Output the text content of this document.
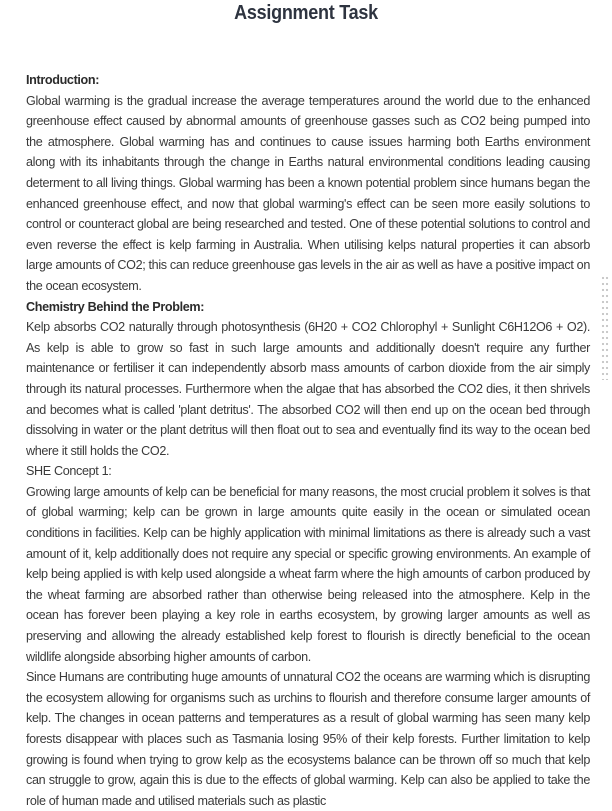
Assignment Task

Introduction:

Global warming is the gradual increase the average temperatures around the world due to the enhanced greenhouse effect caused by abnormal amounts of greenhouse gasses such as CO2 being pumped into the atmosphere. Global warming has and continues to cause issues harming both Earths environment along with its inhabitants through the change in Earths natural environmental conditions leading causing determent to all living things. Global warming has been a known potential problem since humans began the enhanced greenhouse effect, and now that global warming's effect can be seen more easily solutions to control or counteract global are being researched and tested. One of these potential solutions to control and even reverse the effect is kelp farming in Australia. When utilising kelps natural properties it can absorb large amounts of CO2; this can reduce greenhouse gas levels in the air as well as have a positive impact on the ocean ecosystem.

Chemistry Behind the Problem:

Kelp absorbs CO2 naturally through photosynthesis (6H20 + CO2 Chlorophyl + Sunlight C6H12O6 + O2). As kelp is able to grow so fast in such large amounts and additionally doesn't require any further maintenance or fertiliser it can independently absorb mass amounts of carbon dioxide from the air simply through its natural processes. Furthermore when the algae that has absorbed the CO2 dies, it then shrivels and becomes what is called 'plant detritus'. The absorbed CO2 will then end up on the ocean bed through dissolving in water or the plant detritus will then float out to sea and eventually find its way to the ocean bed where it still holds the CO2.

SHE Concept 1:

Growing large amounts of kelp can be beneficial for many reasons, the most crucial problem it solves is that of global warming; kelp can be grown in large amounts quite easily in the ocean or simulated ocean conditions in facilities. Kelp can be highly application with minimal limitations as there is already such a vast amount of it, kelp additionally does not require any special or specific growing environments. An example of kelp being applied is with kelp used alongside a wheat farm where the high amounts of carbon produced by the wheat farming are absorbed rather than otherwise being released into the atmosphere. Kelp in the ocean has forever been playing a key role in earths ecosystem, by growing larger amounts as well as preserving and allowing the already established kelp forest to flourish is directly beneficial to the ocean wildlife alongside absorbing higher amounts of carbon.

Since Humans are contributing huge amounts of unnatural CO2 the oceans are warming which is disrupting the ecosystem allowing for organisms such as urchins to flourish and therefore consume larger amounts of kelp. The changes in ocean patterns and temperatures as a result of global warming has seen many kelp forests disappear with places such as Tasmania losing 95% of their kelp forests. Further limitation to kelp growing is found when trying to grow kelp as the ecosystems balance can be thrown off so much that kelp can struggle to grow, again this is due to the effects of global warming. Kelp can also be applied to take the role of human made and utilised materials such as plastic
